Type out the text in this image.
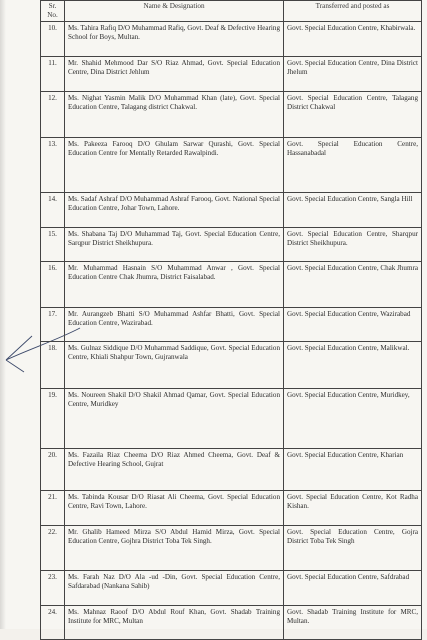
Sr. No.	Name & Designation	Transferred and posted as
10.	Ms. Tahira Rafiq D/O Muhammad Rafiq, Govt. Deaf & Defective Hearing School for Boys, Multan.	Govt. Special Education Centre, Khabirwala.
11.	Mr. Shahid Mehmood Dar S/O Riaz Ahmad, Govt. Special Education Centre, Dina District Jehlum	Govt. Special Education Centre, Dina District Jhelum
12.	Ms. Nighat Yasmin Malik D/O Muhammad Khan (late), Govt. Special Education Centre, Talagang district Chakwal.	Govt. Special Education Centre, Talagang District Chakwal
13.	Ms. Pakeeza Farooq D/O Ghulam Sarwar Qurashi, Govt. Special Education Centre for Mentally Retarded Rawalpindi.	Govt. Special Education Centre, Hassanabadal
14.	Ms. Sadaf Ashraf D/O Muhammad Ashraf Farooq, Govt. National Special Education Centre, Johar Town, Lahore.	Govt. Special Education Centre, Sangla Hill
15.	Ms. Shabana Taj D/O Muhammad Taj, Govt. Special Education Centre, Sarqpur District Sheikhupura.	Govt. Special Education Centre, Sharqpur District Sheikhupura.
16.	Mr. Muhammad Hasnain S/O Muhammad Anwar , Govt. Special Education Centre Chak Jhumra, District Faisalabad.	Govt. Special Education Centre, Chak Jhumra
17.	Mr. Aurangzeb Bhatti S/O Muhammad Ashfar Bhatti, Govt. Special Education Centre, Wazirabad.	Govt. Special Education Centre, Wazirabad
18.	Ms. Gulnaz Siddique D/O Muhammad Saddique, Govt. Special Education Centre, Khiali Shahpur Town, Gujranwala	Govt. Special Education Centre, Malikwal.
19.	Ms. Noureen Shakil D/O Shakil Ahmad Qamar, Govt. Special Education Centre, Muridkey	Govt. Special Education Centre, Muridkey,
20.	Ms. Fazaila Riaz Cheema D/O Riaz Ahmed Cheema, Govt. Deaf & Defective Hearing School, Gujrat	Govt. Special Education Centre, Kharian
21.	Ms. Tabinda Kousar D/O Riasat Ali Cheema, Govt. Special Education Centre, Ravi Town, Lahore.	Govt. Special Education Centre, Kot Radha Kishan.
22.	Mr. Ghalib Hameed Mirza S/O Abdul Hamid Mirza, Govt. Special Education Centre, Gojhra District Toba Tek Singh.	Govt. Special Education Centre, Gojra District Toba Tek Singh
23.	Ms. Farah Naz D/O Ala -ud -Din, Govt. Special Education Centre, Safdarabad (Nankana Sahib)	Govt. Special Education Centre, Safdrabad
24.	Ms. Mahnaz Raoof D/O Abdul Rouf Khan, Govt. Shadab Training Institute for MRC, Multan	Govt. Shadab Training Institute for MRC, Multan.
